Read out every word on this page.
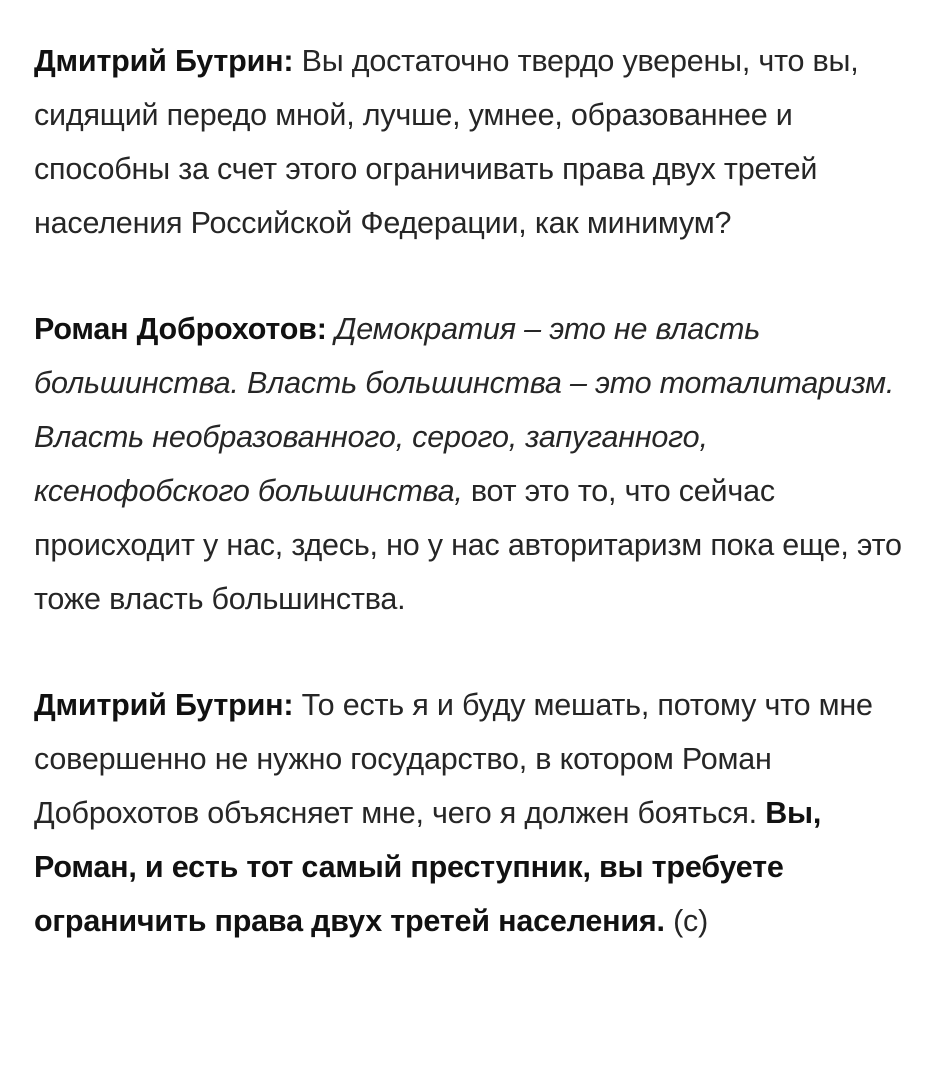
Дмитрий Бутрин: Вы достаточно твердо уверены, что вы, сидящий передо мной, лучше, умнее, образованнее и способны за счет этого ограничивать права двух третей населения Российской Федерации, как минимум?

Роман Доброхотов: Демократия – это не власть большинства. Власть большинства – это тоталитаризм. Власть необразованного, серого, запуганного, ксенофобского большинства, вот это то, что сейчас происходит у нас, здесь, но у нас авторитаризм пока еще, это тоже власть большинства.

Дмитрий Бутрин: То есть я и буду мешать, потому что мне совершенно не нужно государство, в котором Роман Доброхотов объясняет мне, чего я должен бояться. Вы, Роман, и есть тот самый преступник, вы требуете ограничить права двух третей населения. (с)
